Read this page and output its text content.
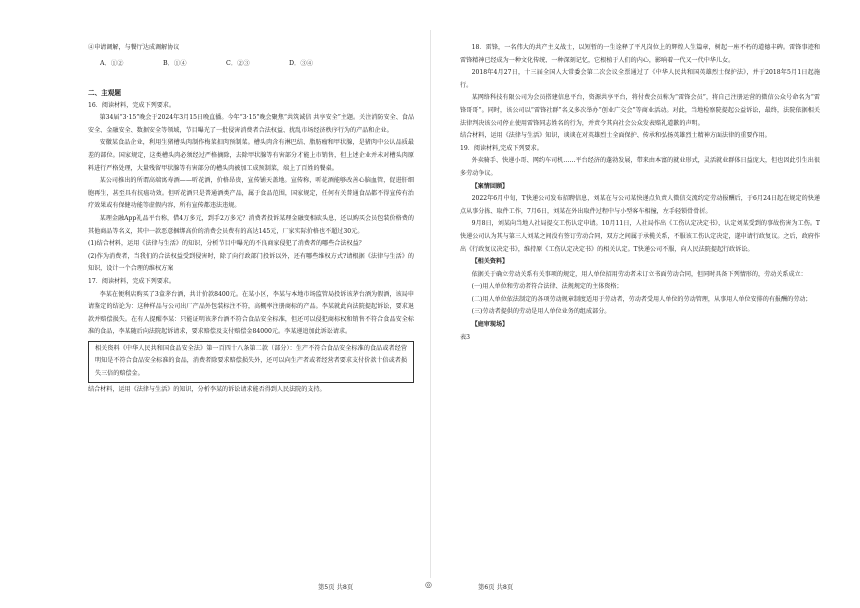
④申请调解，与餐厅达成调解协议

A．①②	B．①④	C．②③	D．③④
二、主观题

16．阅读材料，完成下列要求。

第34届“3·15”晚会于2024年3月15日晚直播。今年“3·15”晚会聚焦“共筑诚信 共享安全”主题。关注消防安全、食品安全、金融安全、数据安全等领域，节目曝光了一批侵害消费者合法权益、扰乱市场经济秩序行为的产品和企业。

安徽某食品企业，利用生猪槽头肉制作梅菜扣肉预制菜。槽头肉含有淋巴结、脂肪瘤和甲状腺，是猪肉中公认品质最差的部位。国家规定，这类槽头肉必须经过严格摘除，去除甲状腺等有害部分才能上市销售，但上述企业并未对槽头肉原料进行严格处理，大量残留甲状腺等有害部分的槽头肉被加工成预制菜，端上了百姓的餐桌。

某公司推出的所谓高端寓寿酒——听花酒，价格昂贵，宣传铺天盖地。宣传称，听花酒能够改善心脑血管，促进肝细胞再生，甚至具有抗癌功效。但听花酒只是普通酒类产品，属于食品范围，国家规定，任何有关普通食品都不得宣传有治疗效果或有保健功能等虚假内容，所有宣传都违法违规。

某理金融App礼品平台称，借4万多元，到手2万多元？消费者投诉某理金融变相砍头息，还以购买会员包装价格费的其他商品等名义，其中一款恶意捆绑高价的消费会员费有的高达145元，厂家实际价格也不超过30元。

(1)结合材料，运用《法律与生活》的知识，分析节目中曝光的不良商家侵犯了消费者的哪些合法权益？

(2)作为消费者，当我们的合法权益受到侵害时，除了向行政部门投诉以外，还有哪些维权方式?请根据《法律与生活》的知识，设计一个合理的维权方案

17．阅读材料，完成下列要求。

李某在便利店购买了3盒茅台酒，共计价款8400元。在某小区，李某与本地市场监管局投诉该茅台酒为假酒，该局申请鉴定的结论为：这种样品与公司出厂产品外包装标注不符，高概率注册商标的产品。李某就此向法院提起诉讼，要求退款并赔偿损失。在有人提醒李某：只能证明该茅台酒不符合食品安全标准，但还可以侵犯商标权和销售不符合食品安全标准的食品，李某随后向法院起诉请求，要求赔偿及支付赔偿金84000元。李某递追加此诉讼请求。

相关资料《中华人民共和国食品安全法》第一百四十八条第二款（部分）：生产不符合食品安全标准的食品或者经营明知是不符合食品安全标准的食品，消费者除要求赔偿损失外，还可以向生产者或者经营者要求支付价款十倍或者损失三倍的赔偿金。

结合材料，运用《法律与生活》的知识，分析李某的诉讼请求能否得到人民法院的支持。

18．雷锋，一名伟大的共产主义战士，以短暂的一生诠释了平凡岗位上的辉煌人生篇章，树起一座不朽的道德丰碑。雷锋事迹和雷锋精神已经成为一种文化传统、一种深刻记忆，它根植于人们的内心，影响着一代又一代中华儿女。

2018年4月27日，十三届全国人大常委会第二次会议全票通过了《中华人民共和国英雄烈士保护法》，并于2018年5月1日起施行。

某网络科技有限公司为会员搭建信息平台，资源共享平台，将付费会员称为“雷锋会员”，将自己注册运营的微信公众号命名为“雷锋哥哥”。同时，该公司以“雷锋社群”名义多次举办“创业广交会”等商业活动。对此，当地检察院提起公益诉讼，最终，法院依据相关法律判决该公司停止使用雷锋同志姓名的行为，并责令其向社会公众发表赔礼道歉的声明。

结合材料，运用《法律与生活》知识，谈谈在对英雄烈士全面保护、传承和弘扬英雄烈士精神方面法律的重要作用。

19．阅读材料,完成下列要求。

外卖骑手、快递小哥、网约车司机……平台经济的蓬勃发展，带来由本富的就业形式，灵活就业群体日益庞大，但也因此引生出很多劳动争议。

【案情回顾】

2022年6月中旬，T快递公司发布招聘信息，刘某在与公司某快递点负责人微信交流约定劳动报酬后，于6月24日起在规定的快递点从事分拣、取件工作，7月6日，刘某在外出取件过程中与小型客车相撞，左手轻锁骨骨折。

9月8日，刘某向当地人社局提交工伤认定申请。10月11日，人社局作出《工伤认定决定书》，认定刘某受到的事故伤害为工伤。T快递公司认为其与第三人刘某之间没有签订劳动合同，双方之间属于承揽关系，不服该工伤认定决定，遂申请行政复议。之后，政府作出《行政复议决定书》，维持原《工伤认定决定书》的相关认定。T快递公司不服，向人民法院提起行政诉讼。

【相关资料】

依据关于确立劳动关系有关事项的规定，用人单位招用劳动者未订立书面劳动合同，但同时具备下列情形的，劳动关系成立：

(一)用人单位和劳动者符合法律、法规规定的主体资格；

(二)用人单位依法制定的各项劳动规章制度适用于劳动者，劳动者受用人单位的劳动管理，从事用人单位安排的有报酬的劳动；

(三)劳动者提供的劳动是用人单位业务的组成部分。

【庭审现场】

表3

第5页 共8页	◎	第6页 共8页
